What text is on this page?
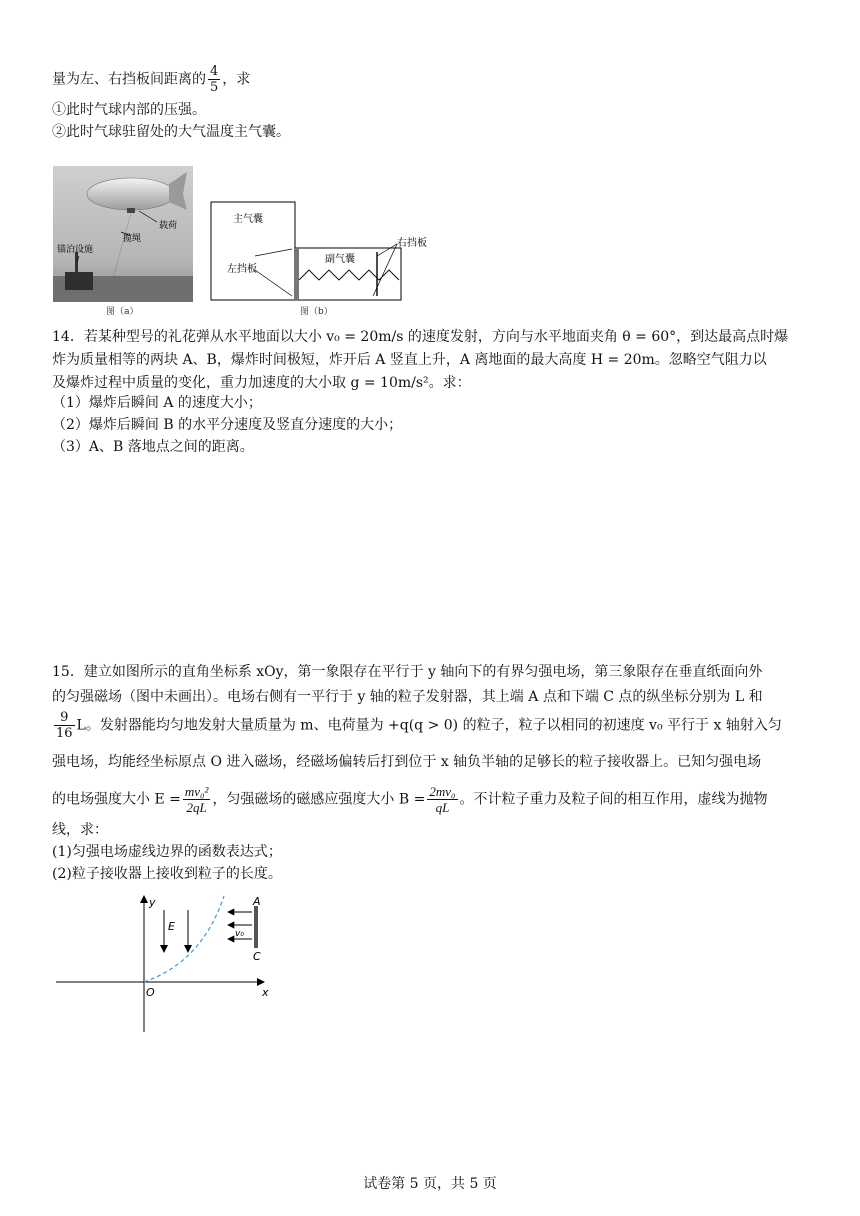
量为左、右挡板间距离的 $\frac{4}{5}$ ，求
①此时气球内部的压强。
②此时气球驻留处的大气温度主气囊。
载荷
揽绳
锚泊设施
图（a）
主气囊
副气囊
左挡板
右挡板
图（b）
14．若某种型号的礼花弹从水平地面以大小 v₀ = 20m/s 的速度发射，方向与水平地面夹角 θ = 60°，到达最高点时爆
炸为质量相等的两块 A、B，爆炸时间极短，炸开后 A 竖直上升，A 离地面的最大高度 H = 20m。忽略空气阻力以
及爆炸过程中质量的变化，重力加速度的大小取 g = 10m/s²。求：
（1）爆炸后瞬间 A 的速度大小；
（2）爆炸后瞬间 B 的水平分速度及竖直分速度的大小；
（3）A、B 落地点之间的距离。
15．建立如图所示的直角坐标系 xOy，第一象限存在平行于 y 轴向下的有界匀强电场，第三象限存在垂直纸面向外
的匀强磁场（图中未画出）。电场右侧有一平行于 y 轴的粒子发射器，其上端 A 点和下端 C 点的纵坐标分别为 L 和
$\frac{9}{16}$ L。发射器能均匀地发射大量质量为 m、电荷量为 +q(q > 0) 的粒子，粒子以相同的初速度 v₀ 平行于 x 轴射入匀
强电场，均能经坐标原点 O 进入磁场，经磁场偏转后打到位于 x 轴负半轴的足够长的粒子接收器上。已知匀强电场
的电场强度大小 $E = \frac{\text{mv₀²}}{2qL}$ ，匀强磁场的磁感应强度大小 $B = \frac{\text{2mv₀}}{qL}$ 。不计粒子重力及粒子间的相互作用，虚线为抛物
线，求：
(1)匀强电场虚线边界的函数表达式；
(2)粒子接收器上接收到粒子的长度。
y
x
O
E
A
C
v₀
试卷第 5 页，共 5 页
